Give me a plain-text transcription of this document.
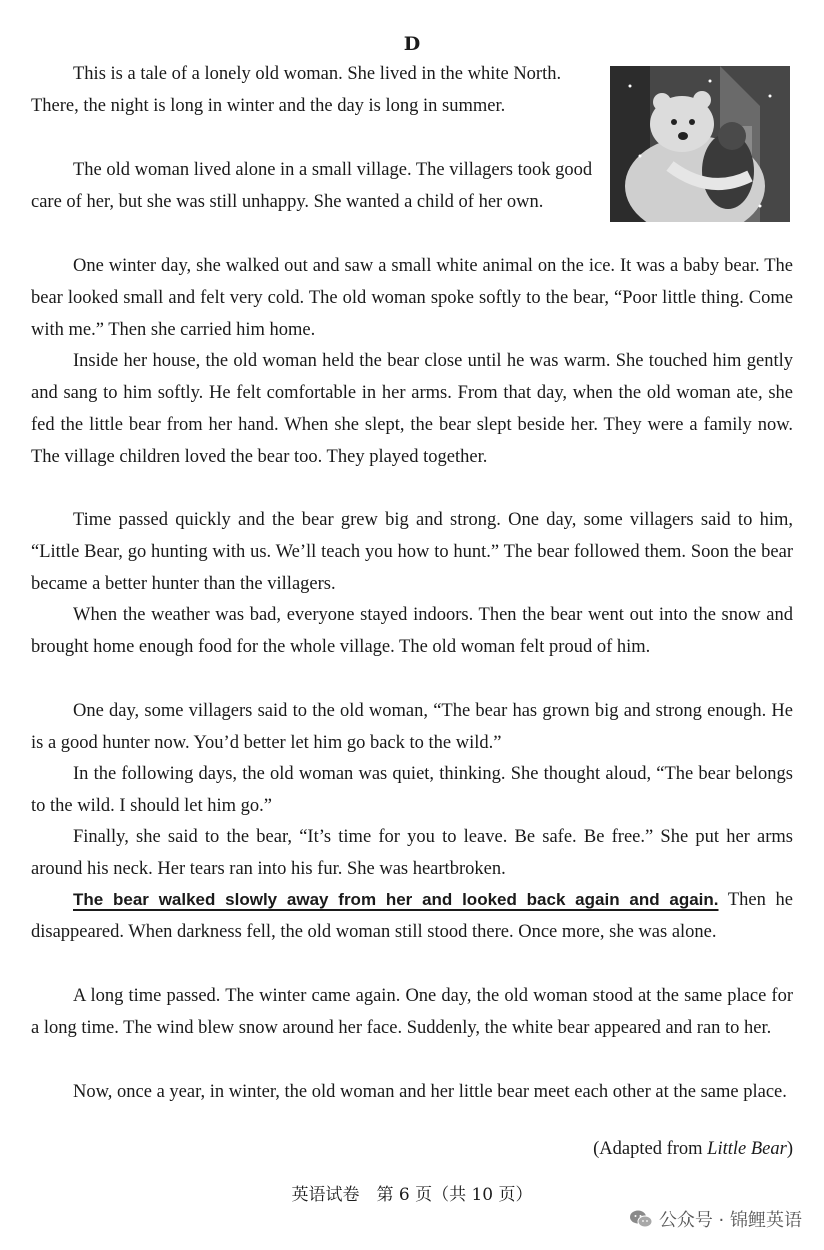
D

This is a tale of a lonely old woman. She lived in the white North. There, the night is long in winter and the day is long in summer.

The old woman lived alone in a small village. The villagers took good care of her, but she was still unhappy. She wanted a child of her own.

One winter day, she walked out and saw a small white animal on the ice. It was a baby bear. The bear looked small and felt very cold. The old woman spoke softly to the bear, “Poor little thing. Come with me.” Then she carried him home.

Inside her house, the old woman held the bear close until he was warm. She touched him gently and sang to him softly. He felt comfortable in her arms. From that day, when the old woman ate, she fed the little bear from her hand. When she slept, the bear slept beside her. They were a family now. The village children loved the bear too. They played together.

Time passed quickly and the bear grew big and strong. One day, some villagers said to him, “Little Bear, go hunting with us. We’ll teach you how to hunt.” The bear followed them. Soon the bear became a better hunter than the villagers.

When the weather was bad, everyone stayed indoors. Then the bear went out into the snow and brought home enough food for the whole village. The old woman felt proud of him.

One day, some villagers said to the old woman, “The bear has grown big and strong enough. He is a good hunter now. You’d better let him go back to the wild.”

In the following days, the old woman was quiet, thinking. She thought aloud, “The bear belongs to the wild. I should let him go.”

Finally, she said to the bear, “It’s time for you to leave. Be safe. Be free.” She put her arms around his neck. Her tears ran into his fur. She was heartbroken.

The bear walked slowly away from her and looked back again and again. Then he disappeared. When darkness fell, the old woman still stood there. Once more, she was alone.

A long time passed. The winter came again. One day, the old woman stood at the same place for a long time. The wind blew snow around her face. Suddenly, the white bear appeared and ran to her.

Now, once a year, in winter, the old woman and her little bear meet each other at the same place.

(Adapted from Little Bear)
英语试卷　第 6 页（共 10 页）
公众号 · 锦鲤英语
